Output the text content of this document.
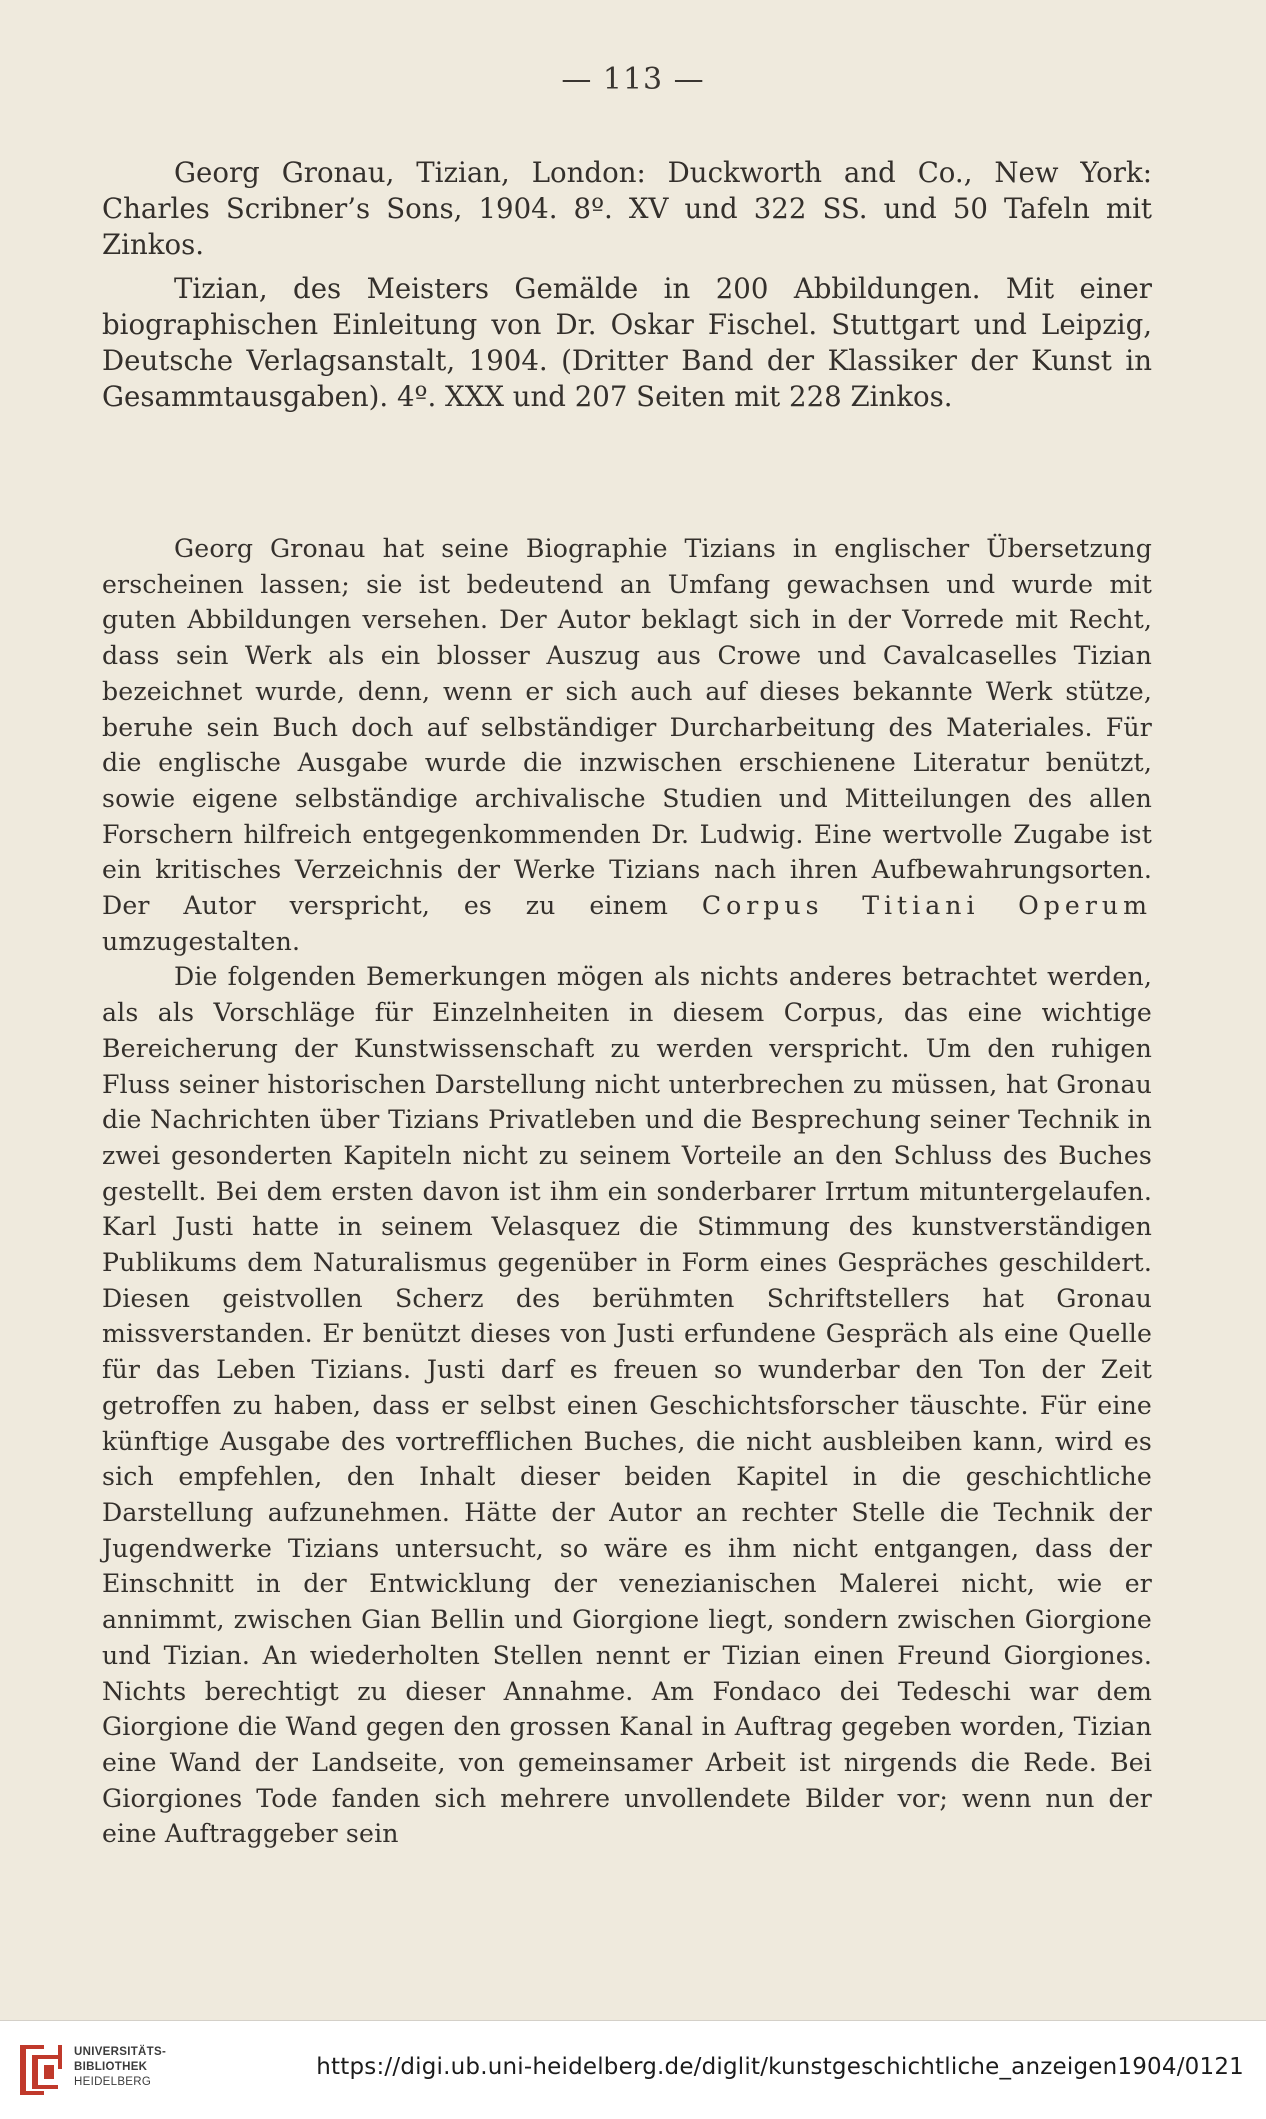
— 113 —

Georg Gronau, Tizian, London: Duckworth and Co., New York: Charles Scribner’s Sons, 1904. 8º. XV und 322 SS. und 50 Tafeln mit Zinkos.

Tizian, des Meisters Gemälde in 200 Abbildungen. Mit einer biographischen Einleitung von Dr. Oskar Fischel. Stuttgart und Leipzig, Deutsche Verlagsanstalt, 1904. (Dritter Band der Klassiker der Kunst in Gesammtausgaben). 4º. XXX und 207 Seiten mit 228 Zinkos.

Georg Gronau hat seine Biographie Tizians in englischer Übersetzung erscheinen lassen; sie ist bedeutend an Umfang gewachsen und wurde mit guten Abbildungen versehen. Der Autor beklagt sich in der Vorrede mit Recht, dass sein Werk als ein blosser Auszug aus Crowe und Cavalcaselles Tizian bezeichnet wurde, denn, wenn er sich auch auf dieses bekannte Werk stütze, beruhe sein Buch doch auf selbständiger Durcharbeitung des Materiales. Für die englische Ausgabe wurde die inzwischen erschienene Literatur benützt, sowie eigene selbständige archivalische Studien und Mitteilungen des allen Forschern hilfreich entgegenkommenden Dr. Ludwig. Eine wertvolle Zugabe ist ein kritisches Verzeichnis der Werke Tizians nach ihren Aufbewahrungsorten. Der Autor verspricht, es zu einem Corpus Titiani Operum umzugestalten.

Die folgenden Bemerkungen mögen als nichts anderes betrachtet werden, als als Vorschläge für Einzelnheiten in diesem Corpus, das eine wichtige Bereicherung der Kunstwissenschaft zu werden verspricht. Um den ruhigen Fluss seiner historischen Darstellung nicht unterbrechen zu müssen, hat Gronau die Nachrichten über Tizians Privatleben und die Besprechung seiner Technik in zwei gesonderten Kapiteln nicht zu seinem Vorteile an den Schluss des Buches gestellt. Bei dem ersten davon ist ihm ein sonderbarer Irrtum mituntergelaufen. Karl Justi hatte in seinem Velasquez die Stimmung des kunstverständigen Publikums dem Naturalismus gegenüber in Form eines Gespräches geschildert. Diesen geistvollen Scherz des berühmten Schriftstellers hat Gronau missverstanden. Er benützt dieses von Justi erfundene Gespräch als eine Quelle für das Leben Tizians. Justi darf es freuen so wunderbar den Ton der Zeit getroffen zu haben, dass er selbst einen Geschichtsforscher täuschte. Für eine künftige Ausgabe des vortrefflichen Buches, die nicht ausbleiben kann, wird es sich empfehlen, den Inhalt dieser beiden Kapitel in die geschichtliche Darstellung aufzunehmen. Hätte der Autor an rechter Stelle die Technik der Jugendwerke Tizians untersucht, so wäre es ihm nicht entgangen, dass der Einschnitt in der Entwicklung der venezianischen Malerei nicht, wie er annimmt, zwischen Gian Bellin und Giorgione liegt, sondern zwischen Giorgione und Tizian. An wiederholten Stellen nennt er Tizian einen Freund Giorgiones. Nichts berechtigt zu dieser Annahme. Am Fondaco dei Tedeschi war dem Giorgione die Wand gegen den grossen Kanal in Auftrag gegeben worden, Tizian eine Wand der Landseite, von gemeinsamer Arbeit ist nirgends die Rede. Bei Giorgiones Tode fanden sich mehrere unvollendete Bilder vor; wenn nun der eine Auftraggeber sein

UNIVERSITÄTS-
BIBLIOTHEK
HEIDELBERG
https://digi.ub.uni-heidelberg.de/diglit/kunstgeschichtliche_anzeigen1904/0121
